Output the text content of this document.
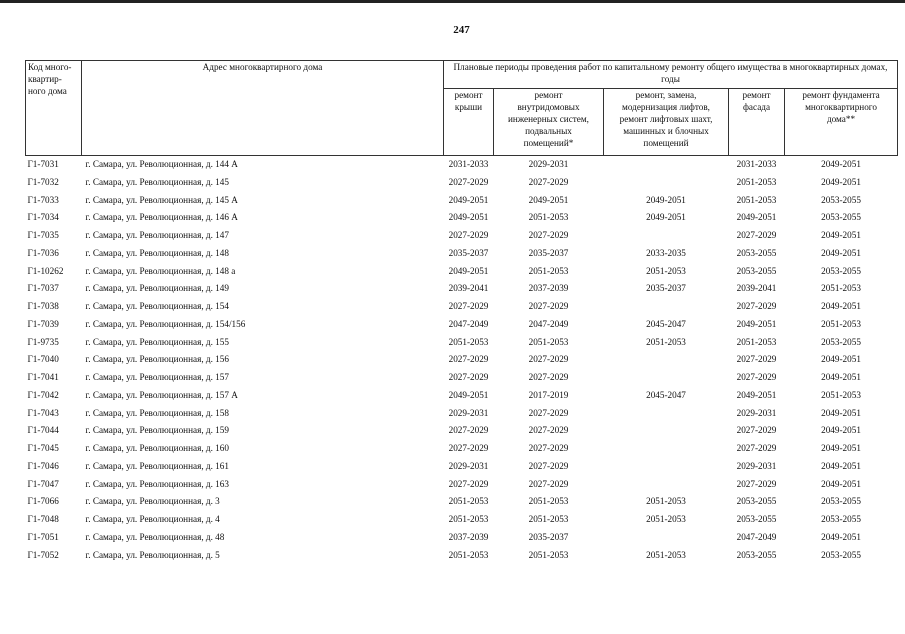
247
Код много-
квартир-
ного дома	Адрес многоквартирного дома	Плановые периоды проведения работ по капитальному ремонту общего имущества в многоквартирных домах, годы				
		ремонт
крыши	ремонт
внутридомовых
инженерных систем,
подвальных
помещений*	ремонт, замена,
модернизация лифтов,
ремонт лифтовых шахт,
машинных и блочных
помещений	ремонт
фасада	ремонт фундамента
многоквартирного
дома**
Г1-7031	г. Самара, ул. Революционная, д. 144 А	2031-2033	2029-2031		2031-2033	2049-2051
Г1-7032	г. Самара, ул. Революционная, д. 145	2027-2029	2027-2029		2051-2053	2049-2051
Г1-7033	г. Самара, ул. Революционная, д. 145 А	2049-2051	2049-2051	2049-2051	2051-2053	2053-2055
Г1-7034	г. Самара, ул. Революционная, д. 146 А	2049-2051	2051-2053	2049-2051	2049-2051	2053-2055
Г1-7035	г. Самара, ул. Революционная, д. 147	2027-2029	2027-2029		2027-2029	2049-2051
Г1-7036	г. Самара, ул. Революционная, д. 148	2035-2037	2035-2037	2033-2035	2053-2055	2049-2051
Г1-10262	г. Самара, ул. Революционная, д. 148 а	2049-2051	2051-2053	2051-2053	2053-2055	2053-2055
Г1-7037	г. Самара, ул. Революционная, д. 149	2039-2041	2037-2039	2035-2037	2039-2041	2051-2053
Г1-7038	г. Самара, ул. Революционная, д. 154	2027-2029	2027-2029		2027-2029	2049-2051
Г1-7039	г. Самара, ул. Революционная, д. 154/156	2047-2049	2047-2049	2045-2047	2049-2051	2051-2053
Г1-9735	г. Самара, ул. Революционная, д. 155	2051-2053	2051-2053	2051-2053	2051-2053	2053-2055
Г1-7040	г. Самара, ул. Революционная, д. 156	2027-2029	2027-2029		2027-2029	2049-2051
Г1-7041	г. Самара, ул. Революционная, д. 157	2027-2029	2027-2029		2027-2029	2049-2051
Г1-7042	г. Самара, ул. Революционная, д. 157 А	2049-2051	2017-2019	2045-2047	2049-2051	2051-2053
Г1-7043	г. Самара, ул. Революционная, д. 158	2029-2031	2027-2029		2029-2031	2049-2051
Г1-7044	г. Самара, ул. Революционная, д. 159	2027-2029	2027-2029		2027-2029	2049-2051
Г1-7045	г. Самара, ул. Революционная, д. 160	2027-2029	2027-2029		2027-2029	2049-2051
Г1-7046	г. Самара, ул. Революционная, д. 161	2029-2031	2027-2029		2029-2031	2049-2051
Г1-7047	г. Самара, ул. Революционная, д. 163	2027-2029	2027-2029		2027-2029	2049-2051
Г1-7066	г. Самара, ул. Революционная, д. 3	2051-2053	2051-2053	2051-2053	2053-2055	2053-2055
Г1-7048	г. Самара, ул. Революционная, д. 4	2051-2053	2051-2053	2051-2053	2053-2055	2053-2055
Г1-7051	г. Самара, ул. Революционная, д. 48	2037-2039	2035-2037		2047-2049	2049-2051
Г1-7052	г. Самара, ул. Революционная, д. 5	2051-2053	2051-2053	2051-2053	2053-2055	2053-2055
